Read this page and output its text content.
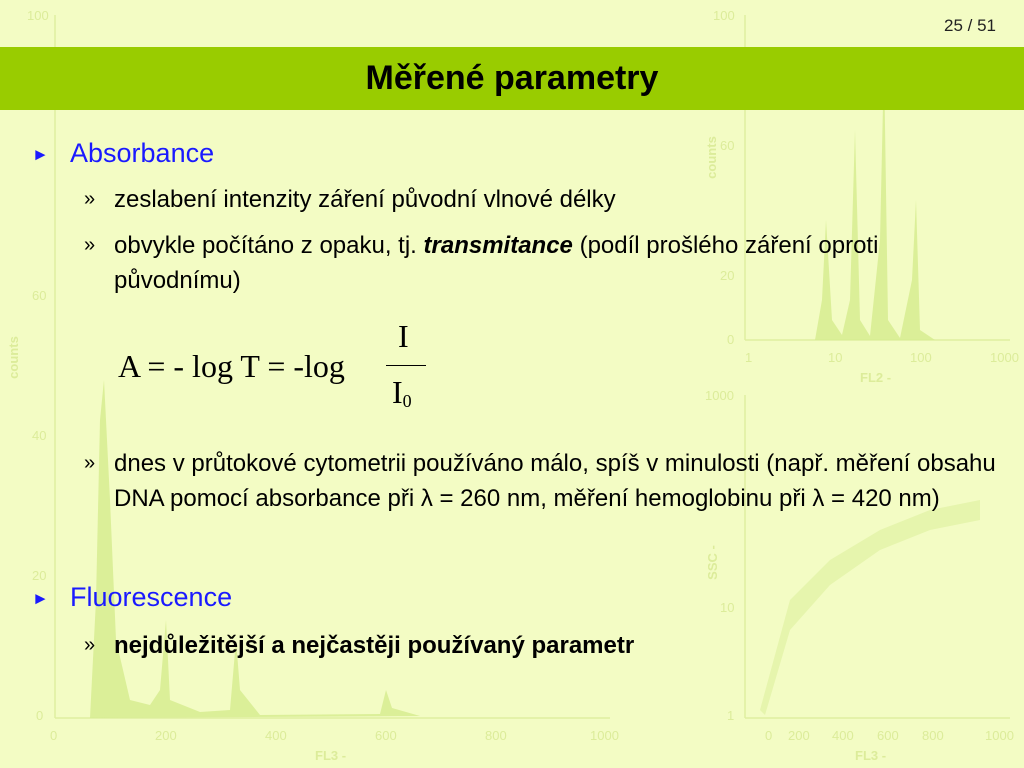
100
60
40
20
0
counts
0	200	400	600	800	1000
FL3 -
100
60
20
0
counts
1	10	100	1000
FL2 -
1000
10
1
SSC -
0 200 400 600 800	1000
FL3 -
25 / 51
Měřené parametry
► Absorbance
» zeslabení intenzity záření původní vlnové délky
» obvykle počítáno z opaku, tj. transmitance (podíl prošlého záření oproti původnímu)
A = - log T = -log
I
$I_0$
» dnes v průtokové cytometrii používáno málo, spíš v minulosti (např. měření obsahu DNA pomocí absorbance při λ = 260 nm, měření hemoglobinu při λ = 420 nm)
► Fluorescence
» nejdůležitější a nejčastěji používaný parametr
